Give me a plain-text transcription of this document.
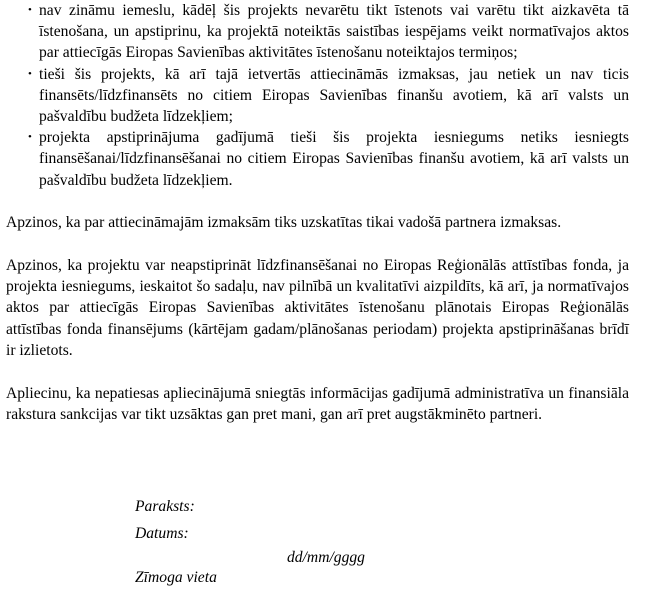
• nav zināmu iemeslu, kādēļ šis projekts nevarētu tikt īstenots vai varētu tikt aizkavēta tā īstenošana, un apstiprinu, ka projektā noteiktās saistības iespējams veikt normatīvajos aktos par attiecīgās Eiropas Savienības aktivitātes īstenošanu noteiktajos termiņos;
• tieši šis projekts, kā arī tajā ietvertās attiecināmās izmaksas, jau netiek un nav ticis finansēts/līdzfinansēts no citiem Eiropas Savienības finanšu avotiem, kā arī valsts un pašvaldību budžeta līdzekļiem;
• projekta apstiprinājuma gadījumā tieši šis projekta iesniegums netiks iesniegts finansēšanai/līdzfinansēšanai no citiem Eiropas Savienības finanšu avotiem, kā arī valsts un pašvaldību budžeta līdzekļiem.

Apzinos, ka par attiecināmajām izmaksām tiks uzskatītas tikai vadošā partnera izmaksas.

Apzinos, ka projektu var neapstiprināt līdzfinansēšanai no Eiropas Reģionālās attīstības fonda, ja projekta iesniegums, ieskaitot šo sadaļu, nav pilnībā un kvalitatīvi aizpildīts, kā arī, ja normatīvajos aktos par attiecīgās Eiropas Savienības aktivitātes īstenošanu plānotais Eiropas Reģionālās attīstības fonda finansējums (kārtējam gadam/plānošanas periodam) projekta apstiprināšanas brīdī ir izlietots.

Apliecinu, ka nepatiesas apliecinājumā sniegtās informācijas gadījumā administratīva un finansiāla rakstura sankcijas var tikt uzsāktas gan pret mani, gan arī pret augstākminēto partneri.

Paraksts:
Datums:
dd/mm/gggg
Zīmoga vieta
